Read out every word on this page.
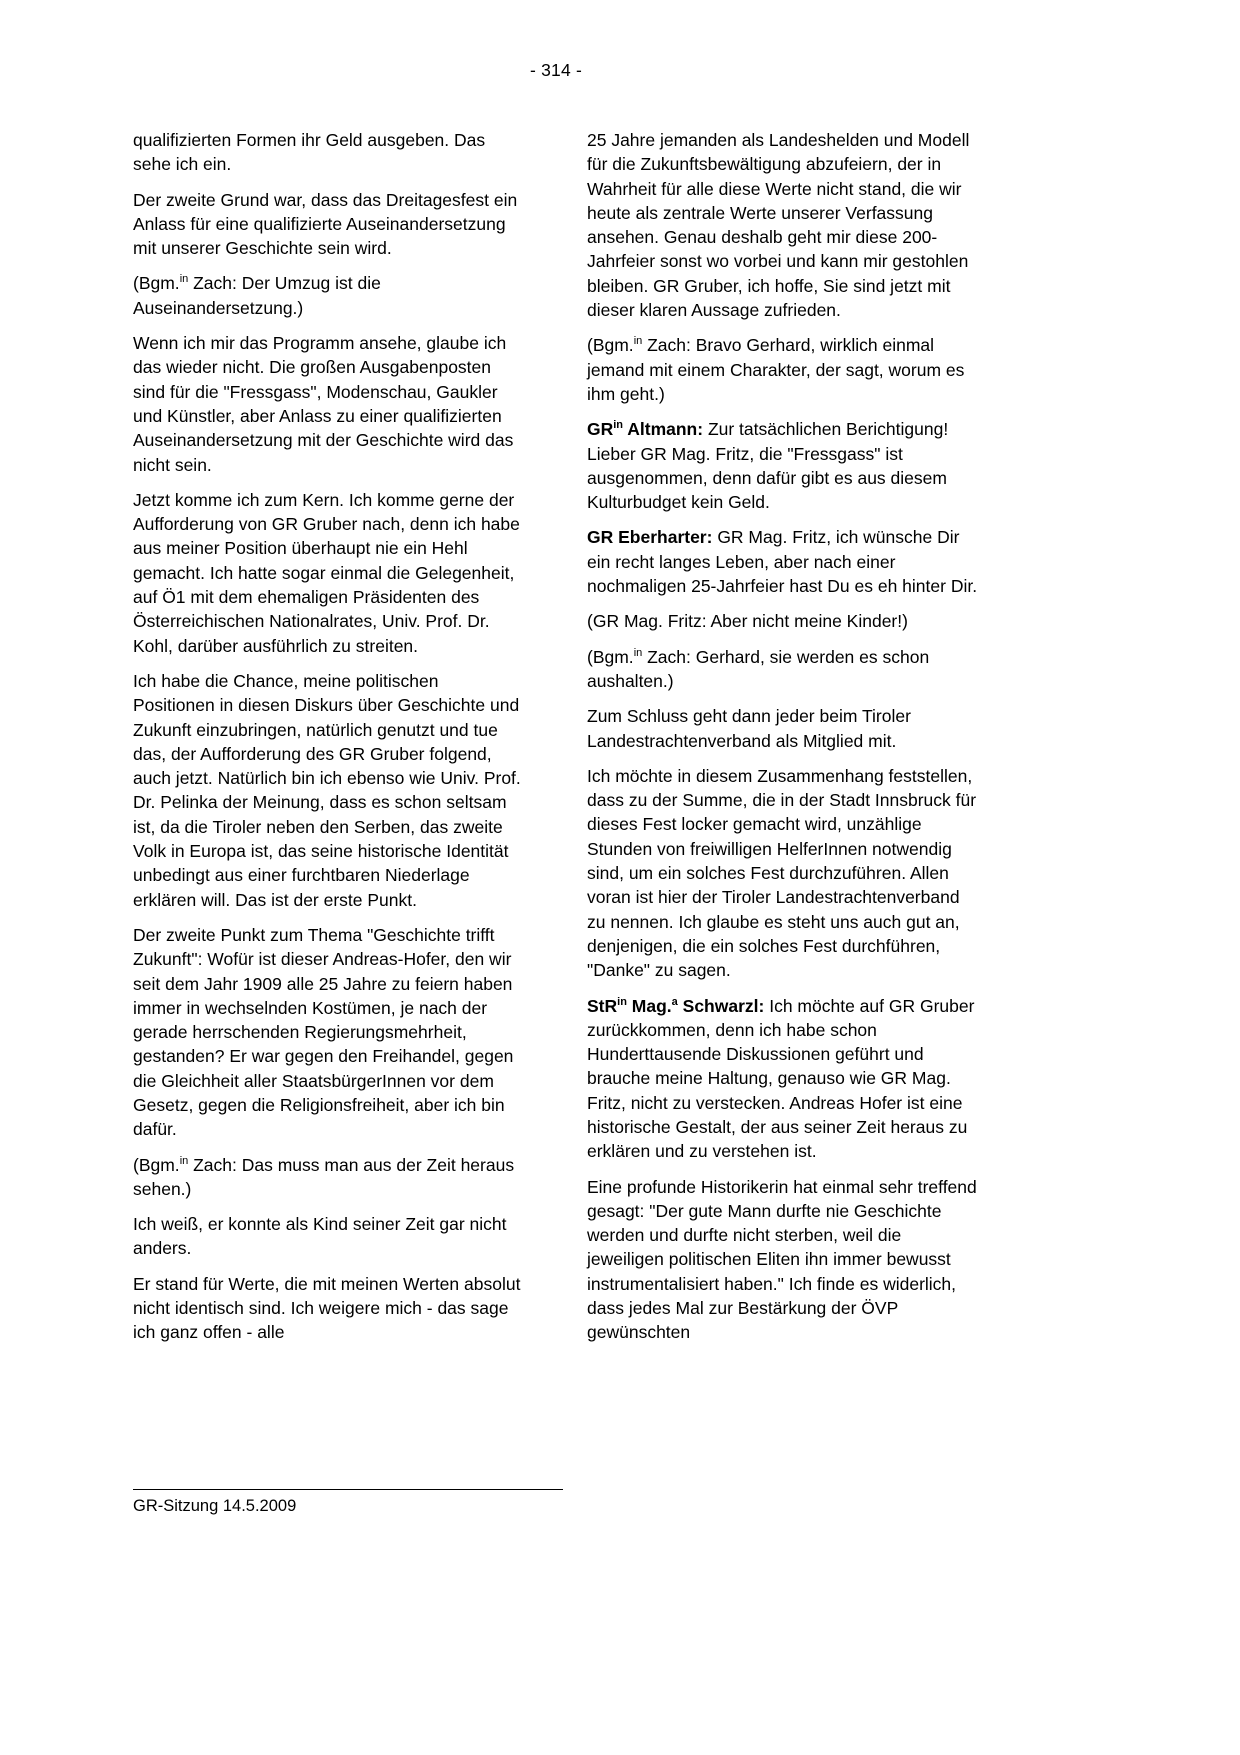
- 314 -

qualifizierten Formen ihr Geld ausgeben. Das sehe ich ein.

Der zweite Grund war, dass das Dreitagesfest ein Anlass für eine qualifizierte Auseinandersetzung mit unserer Geschichte sein wird.

(Bgm.$^{in}$ Zach: Der Umzug ist die Auseinandersetzung.)

Wenn ich mir das Programm ansehe, glaube ich das wieder nicht. Die großen Ausgabenposten sind für die "Fressgass", Modenschau, Gaukler und Künstler, aber Anlass zu einer qualifizierten Auseinandersetzung mit der Geschichte wird das nicht sein.

Jetzt komme ich zum Kern. Ich komme gerne der Aufforderung von GR Gruber nach, denn ich habe aus meiner Position überhaupt nie ein Hehl gemacht. Ich hatte sogar einmal die Gelegenheit, auf Ö1 mit dem ehemaligen Präsidenten des Österreichischen Nationalrates, Univ. Prof. Dr. Kohl, darüber ausführlich zu streiten.

Ich habe die Chance, meine politischen Positionen in diesen Diskurs über Geschichte und Zukunft einzubringen, natürlich genutzt und tue das, der Aufforderung des GR Gruber folgend, auch jetzt. Natürlich bin ich ebenso wie Univ. Prof. Dr. Pelinka der Meinung, dass es schon seltsam ist, da die Tiroler neben den Serben, das zweite Volk in Europa ist, das seine historische Identität unbedingt aus einer furchtbaren Niederlage erklären will. Das ist der erste Punkt.

Der zweite Punkt zum Thema "Geschichte trifft Zukunft": Wofür ist dieser Andreas-Hofer, den wir seit dem Jahr 1909 alle 25 Jahre zu feiern haben immer in wechselnden Kostümen, je nach der gerade herrschenden Regierungsmehrheit, gestanden? Er war gegen den Freihandel, gegen die Gleichheit aller StaatsbürgerInnen vor dem Gesetz, gegen die Religionsfreiheit, aber ich bin dafür.

(Bgm.$^{in}$ Zach: Das muss man aus der Zeit heraus sehen.)

Ich weiß, er konnte als Kind seiner Zeit gar nicht anders.

Er stand für Werte, die mit meinen Werten absolut nicht identisch sind. Ich weigere mich - das sage ich ganz offen - alle

25 Jahre jemanden als Landeshelden und Modell für die Zukunftsbewältigung abzufeiern, der in Wahrheit für alle diese Werte nicht stand, die wir heute als zentrale Werte unserer Verfassung ansehen. Genau deshalb geht mir diese 200-Jahrfeier sonst wo vorbei und kann mir gestohlen bleiben. GR Gruber, ich hoffe, Sie sind jetzt mit dieser klaren Aussage zufrieden.

(Bgm.$^{in}$ Zach: Bravo Gerhard, wirklich einmal jemand mit einem Charakter, der sagt, worum es ihm geht.)

$GR^{in}$ Altmann: Zur tatsächlichen Berichtigung! Lieber GR Mag. Fritz, die "Fressgass" ist ausgenommen, denn dafür gibt es aus diesem Kulturbudget kein Geld.

GR Eberharter: GR Mag. Fritz, ich wünsche Dir ein recht langes Leben, aber nach einer nochmaligen 25-Jahrfeier hast Du es eh hinter Dir.

(GR Mag. Fritz: Aber nicht meine Kinder!)

(Bgm.$^{in}$ Zach: Gerhard, sie werden es schon aushalten.)

Zum Schluss geht dann jeder beim Tiroler Landestrachtenverband als Mitglied mit.

Ich möchte in diesem Zusammenhang feststellen, dass zu der Summe, die in der Stadt Innsbruck für dieses Fest locker gemacht wird, unzählige Stunden von freiwilligen HelferInnen notwendig sind, um ein solches Fest durchzuführen. Allen voran ist hier der Tiroler Landestrachtenverband zu nennen. Ich glaube es steht uns auch gut an, denjenigen, die ein solches Fest durchführen, "Danke" zu sagen.

StR$^{in}$ Mag.$^a$ Schwarzl: Ich möchte auf GR Gruber zurückkommen, denn ich habe schon Hunderttausende Diskussionen geführt und brauche meine Haltung, genauso wie GR Mag. Fritz, nicht zu verstecken. Andreas Hofer ist eine historische Gestalt, der aus seiner Zeit heraus zu erklären und zu verstehen ist.

Eine profunde Historikerin hat einmal sehr treffend gesagt: "Der gute Mann durfte nie Geschichte werden und durfte nicht sterben, weil die jeweiligen politischen Eliten ihn immer bewusst instrumentalisiert haben." Ich finde es widerlich, dass jedes Mal zur Bestärkung der ÖVP gewünschten

GR-Sitzung 14.5.2009
